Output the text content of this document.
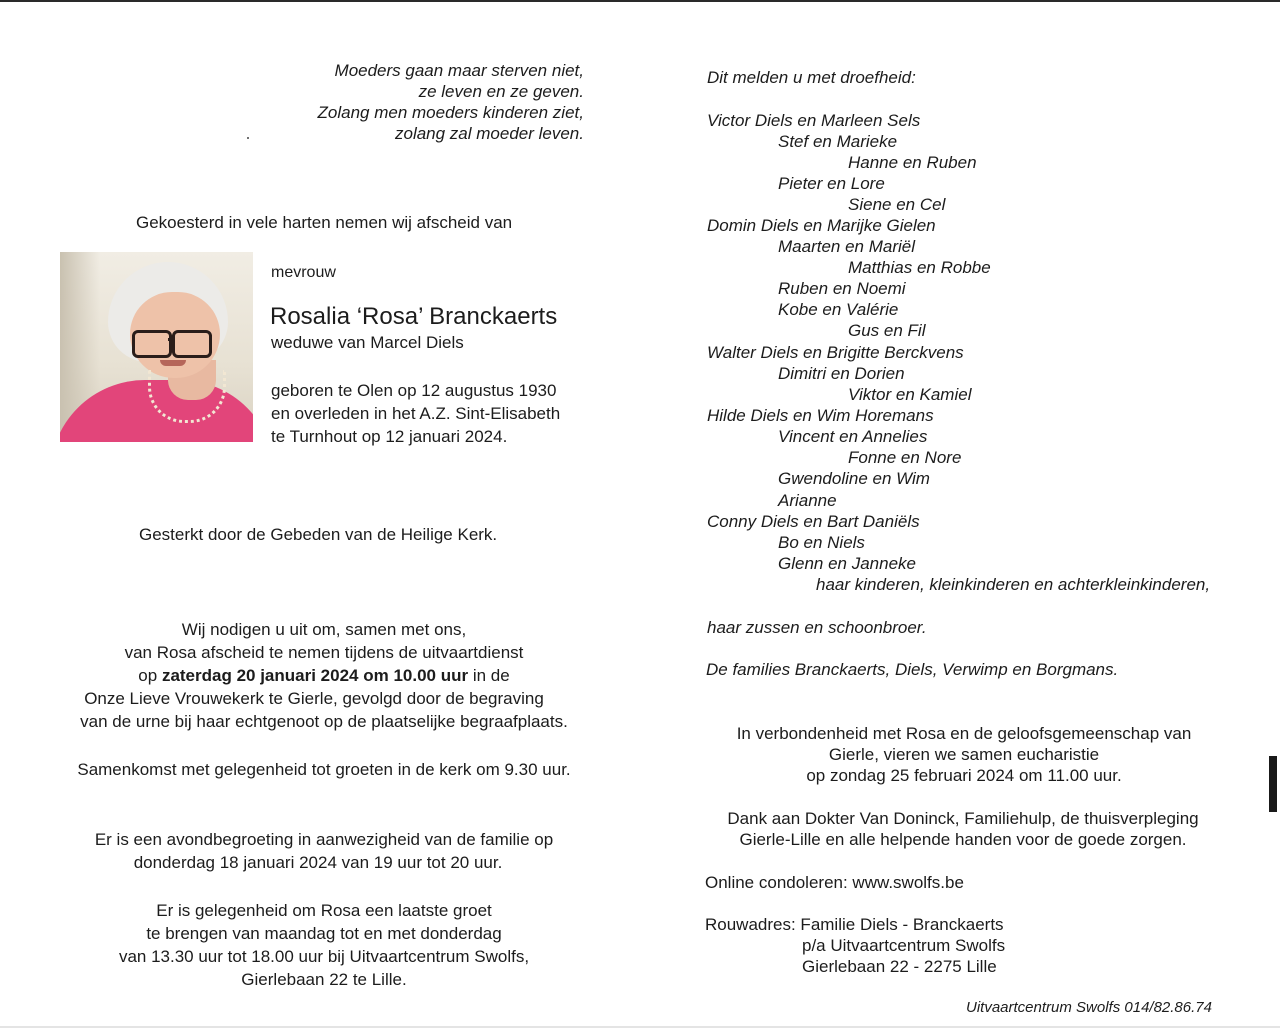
Moeders gaan maar sterven niet,
ze leven en ze geven.
Zolang men moeders kinderen ziet,
zolang zal moeder leven.
Gekoesterd in vele harten nemen wij afscheid van
mevrouw
Rosalia ‘Rosa’ Branckaerts
weduwe van Marcel Diels
geboren te Olen op 12 augustus 1930
en overleden in het A.Z. Sint-Elisabeth
te Turnhout op 12 januari 2024.
Gesterkt door de Gebeden van de Heilige Kerk.
Wij nodigen u uit om, samen met ons,
van Rosa afscheid te nemen tijdens de uitvaartdienst
op zaterdag 20 januari 2024 om 10.00 uur in de
Onze Lieve Vrouwekerk te Gierle, gevolgd door de begraving
van de urne bij haar echtgenoot op de plaatselijke begraafplaats.
Samenkomst met gelegenheid tot groeten in de kerk om 9.30 uur.
Er is een avondbegroeting in aanwezigheid van de familie op
donderdag 18 januari 2024 van 19 uur tot 20 uur.
Er is gelegenheid om Rosa een laatste groet
te brengen van maandag tot en met donderdag
van 13.30 uur tot 18.00 uur bij Uitvaartcentrum Swolfs,
Gierlebaan 22 te Lille.
Dit melden u met droefheid:
Victor Diels en Marleen Sels
Stef en Marieke
Hanne en Ruben
Pieter en Lore
Siene en Cel
Domin Diels en Marijke Gielen
Maarten en Mariël
Matthias en Robbe
Ruben en Noemi
Kobe en Valérie
Gus en Fil
Walter Diels en Brigitte Berckvens
Dimitri en Dorien
Viktor en Kamiel
Hilde Diels en Wim Horemans
Vincent en Annelies
Fonne en Nore
Gwendoline en Wim
Arianne
Conny Diels en Bart Daniëls
Bo en Niels
Glenn en Janneke
haar kinderen, kleinkinderen en achterkleinkinderen,
haar zussen en schoonbroer.
De families Branckaerts, Diels, Verwimp en Borgmans.
In verbondenheid met Rosa en de geloofsgemeenschap van
Gierle, vieren we samen eucharistie
op zondag 25 februari 2024 om 11.00 uur.
Dank aan Dokter Van Doninck, Familiehulp, de thuisverpleging
Gierle-Lille en alle helpende handen voor de goede zorgen.
Online condoleren: www.swolfs.be
Rouwadres: Familie Diels - Branckaerts
p/a Uitvaartcentrum Swolfs
Gierlebaan 22 - 2275 Lille
Uitvaartcentrum Swolfs 014/82.86.74
